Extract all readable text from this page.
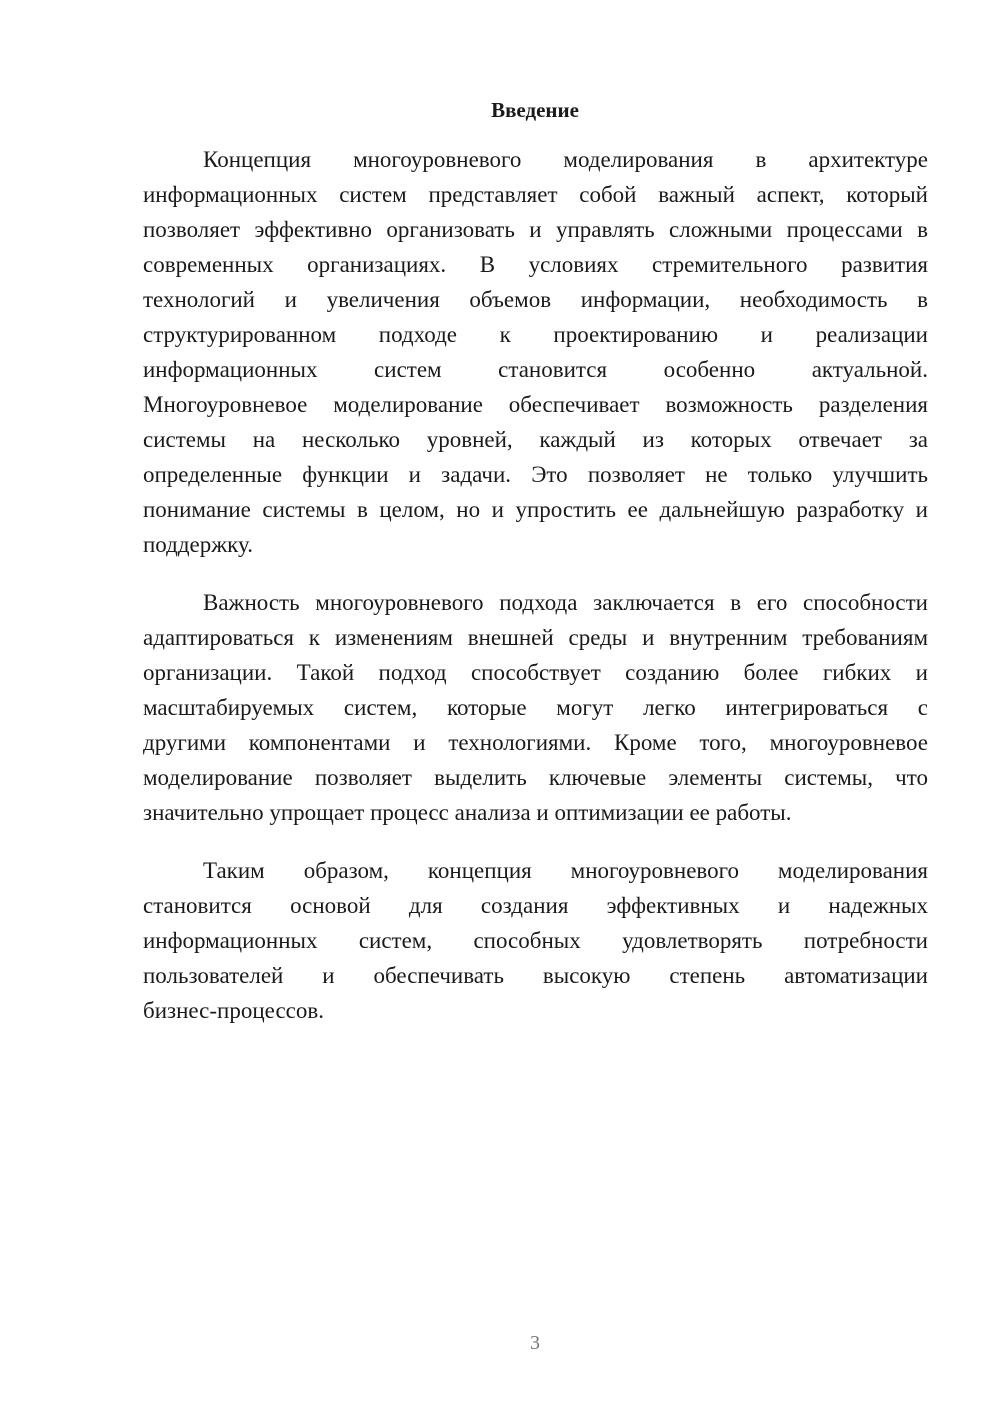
Введение
Концепция многоуровневого моделирования в архитектуре
информационных систем представляет собой важный аспект, который
позволяет эффективно организовать и управлять сложными процессами в
современных организациях. В условиях стремительного развития
технологий и увеличения объемов информации, необходимость в
структурированном подходе к проектированию и реализации
информационных систем становится особенно актуальной.
Многоуровневое моделирование обеспечивает возможность разделения
системы на несколько уровней, каждый из которых отвечает за
определенные функции и задачи. Это позволяет не только улучшить
понимание системы в целом, но и упростить ее дальнейшую разработку и
поддержку.
Важность многоуровневого подхода заключается в его способности
адаптироваться к изменениям внешней среды и внутренним требованиям
организации. Такой подход способствует созданию более гибких и
масштабируемых систем, которые могут легко интегрироваться с
другими компонентами и технологиями. Кроме того, многоуровневое
моделирование позволяет выделить ключевые элементы системы, что
значительно упрощает процесс анализа и оптимизации ее работы.
Таким образом, концепция многоуровневого моделирования
становится основой для создания эффективных и надежных
информационных систем, способных удовлетворять потребности
пользователей и обеспечивать высокую степень автоматизации
бизнес-процессов.
3
